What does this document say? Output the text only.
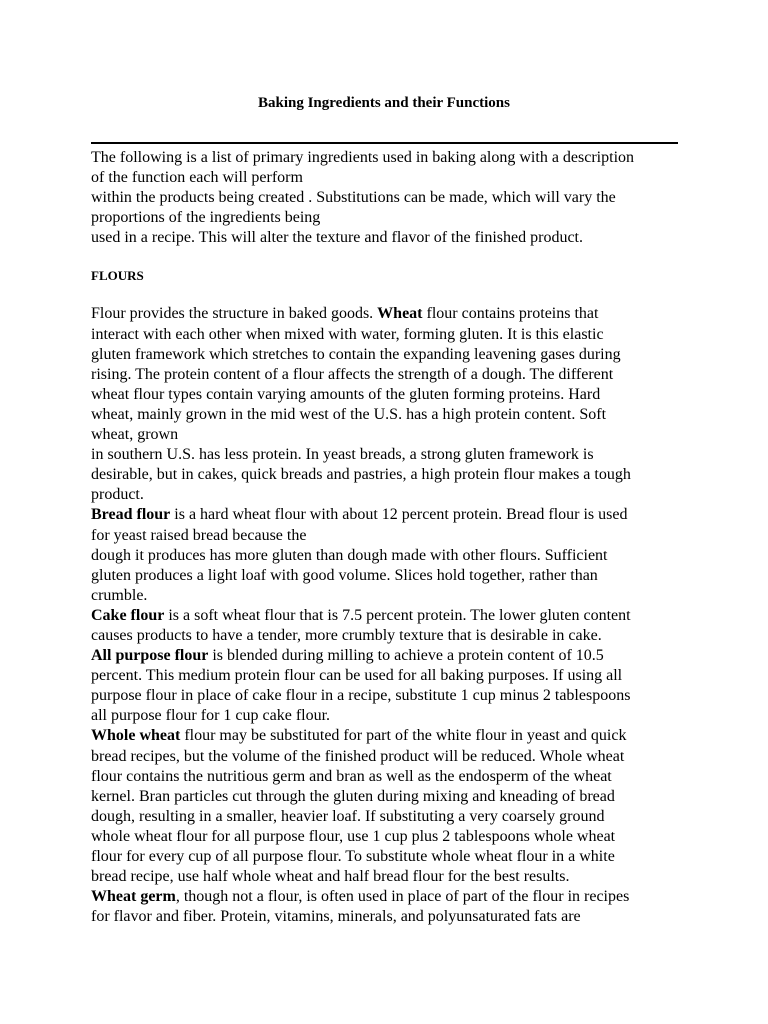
Baking Ingredients and their Functions
The following is a list of primary ingredients used in baking along with a description
of the function each will perform
within the products being created . Substitutions can be made, which will vary the
proportions of the ingredients being
used in a recipe. This will alter the texture and flavor of the finished product.
FLOURS
Flour provides the structure in baked goods. Wheat flour contains proteins that
interact with each other when mixed with water, forming gluten. It is this elastic
gluten framework which stretches to contain the expanding leavening gases during
rising. The protein content of a flour affects the strength of a dough. The different
wheat flour types contain varying amounts of the gluten forming proteins. Hard
wheat, mainly grown in the mid west of the U.S. has a high protein content. Soft
wheat, grown
in southern U.S. has less protein. In yeast breads, a strong gluten framework is
desirable, but in cakes, quick breads and pastries, a high protein flour makes a tough
product.
Bread flour is a hard wheat flour with about 12 percent protein. Bread flour is used
for yeast raised bread because the
dough it produces has more gluten than dough made with other flours. Sufficient
gluten produces a light loaf with good volume. Slices hold together, rather than
crumble.
Cake flour is a soft wheat flour that is 7.5 percent protein. The lower gluten content
causes products to have a tender, more crumbly texture that is desirable in cake.
All purpose flour is blended during milling to achieve a protein content of 10.5
percent. This medium protein flour can be used for all baking purposes. If using all
purpose flour in place of cake flour in a recipe, substitute 1 cup minus 2 tablespoons
all purpose flour for 1 cup cake flour.
Whole wheat flour may be substituted for part of the white flour in yeast and quick
bread recipes, but the volume of the finished product will be reduced. Whole wheat
flour contains the nutritious germ and bran as well as the endosperm of the wheat
kernel. Bran particles cut through the gluten during mixing and kneading of bread
dough, resulting in a smaller, heavier loaf. If substituting a very coarsely ground
whole wheat flour for all purpose flour, use 1 cup plus 2 tablespoons whole wheat
flour for every cup of all purpose flour. To substitute whole wheat flour in a white
bread recipe, use half whole wheat and half bread flour for the best results.
Wheat germ, though not a flour, is often used in place of part of the flour in recipes
for flavor and fiber. Protein, vitamins, minerals, and polyunsaturated fats are
